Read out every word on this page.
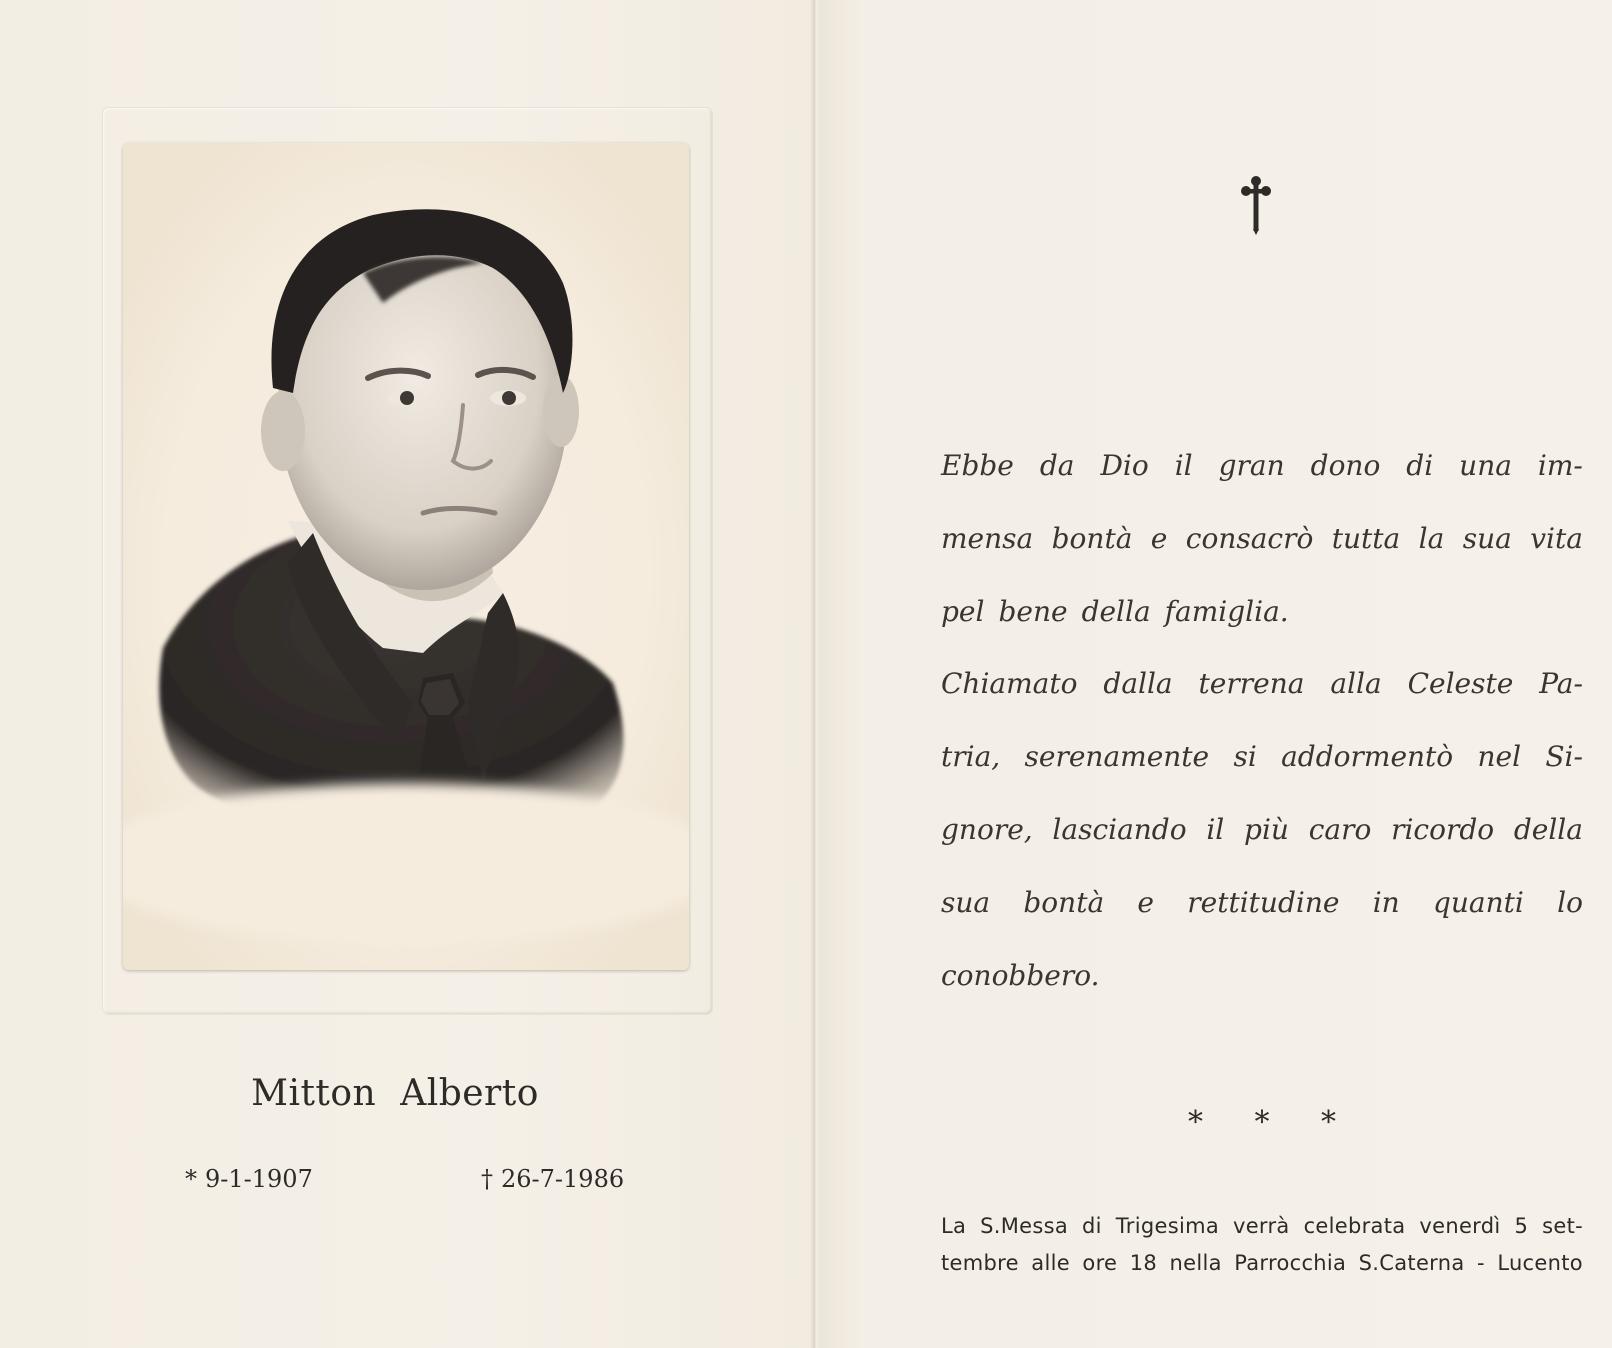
Mitton Alberto
* 9-1-1907	† 26-7-1986
Ebbe da Dio il gran dono di una im-
mensa bontà e consacrò tutta la sua vita
pel bene della famiglia.
Chiamato dalla terrena alla Celeste Pa-
tria, serenamente si addormentò nel Si-
gnore, lasciando il più caro ricordo della
sua bontà e rettitudine in quanti lo
conobbero.
* * *
La S.Messa di Trigesima verrà celebrata venerdì 5 set-
tembre alle ore 18 nella Parrocchia S.Caterna - Lucento
